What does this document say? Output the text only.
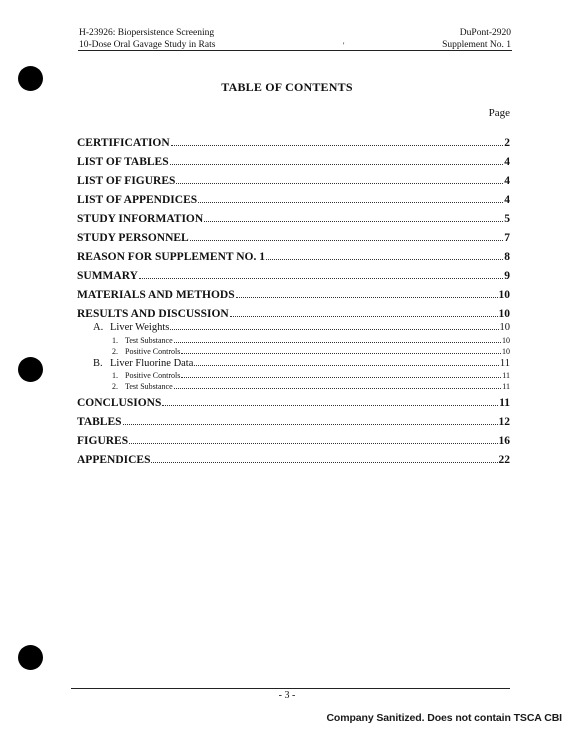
H-23926: Biopersistence Screening
10-Dose Oral Gavage Study in Rats	'
DuPont-2920
Supplement No. 1
TABLE OF CONTENTS
Page
CERTIFICATION	2
LIST OF TABLES	4
LIST OF FIGURES	4
LIST OF APPENDICES	4
STUDY INFORMATION	5
STUDY PERSONNEL	7
REASON FOR SUPPLEMENT NO. 1	8
SUMMARY	9
MATERIALS AND METHODS	10
RESULTS AND DISCUSSION	10
A. Liver Weights	10
1. Test Substance	10
2. Positive Controls	10
B. Liver Fluorine Data	11
1. Positive Controls	11
2. Test Substance	11
CONCLUSIONS	11
TABLES	12
FIGURES	16
APPENDICES	22
- 3 -
Company Sanitized. Does not contain TSCA CBI
